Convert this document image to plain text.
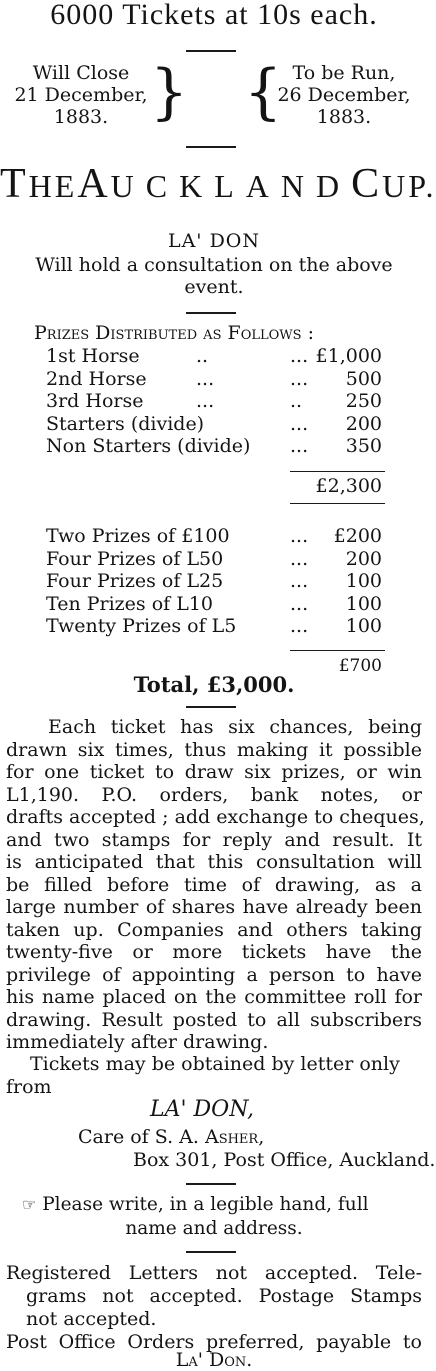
6000 Tickets at 10s each.
Will Close
21 December,
1883. } { To be Run,
26 December,
1883.
THE AUCKLAND CUP.
LA' DON
Will hold a consultation on the above
event.
Prizes Distributed as Follows :
1st Horse	..	... £1,000
2nd Horse	...	... 500
3rd Horse	...	.. 250
Starters (divide)	... 200
Non Starters (divide) ... 350
£2,300
Two Prizes of £100	... £200
Four Prizes of L50	... 200
Four Prizes of L25	... 100
Ten Prizes of L10	... 100
Twenty Prizes of L5	... 100
£700
Total, £3,000.
Each ticket has six chances, being
drawn six times, thus making it possible
for one ticket to draw six prizes, or win
L1,190. P.O. orders, bank notes, or
drafts accepted ; add exchange to cheques,
and two stamps for reply and result. It
is anticipated that this consultation will
be filled before time of drawing, as a
large number of shares have already been
taken up. Companies and others taking
twenty-five or more tickets have the
privilege of appointing a person to have
his name placed on the committee roll for
drawing. Result posted to all subscribers
immediately after drawing.
Tickets may be obtained by letter only
from
LA' DON,
Care of S. A. Asher,
Box 301, Post Office, Auckland.
☞ Please write, in a legible hand, full
name and address.
Registered Letters not accepted. Tele-
grams not accepted. Postage Stamps
not accepted.
Post Office Orders preferred, payable to
La' Don.
